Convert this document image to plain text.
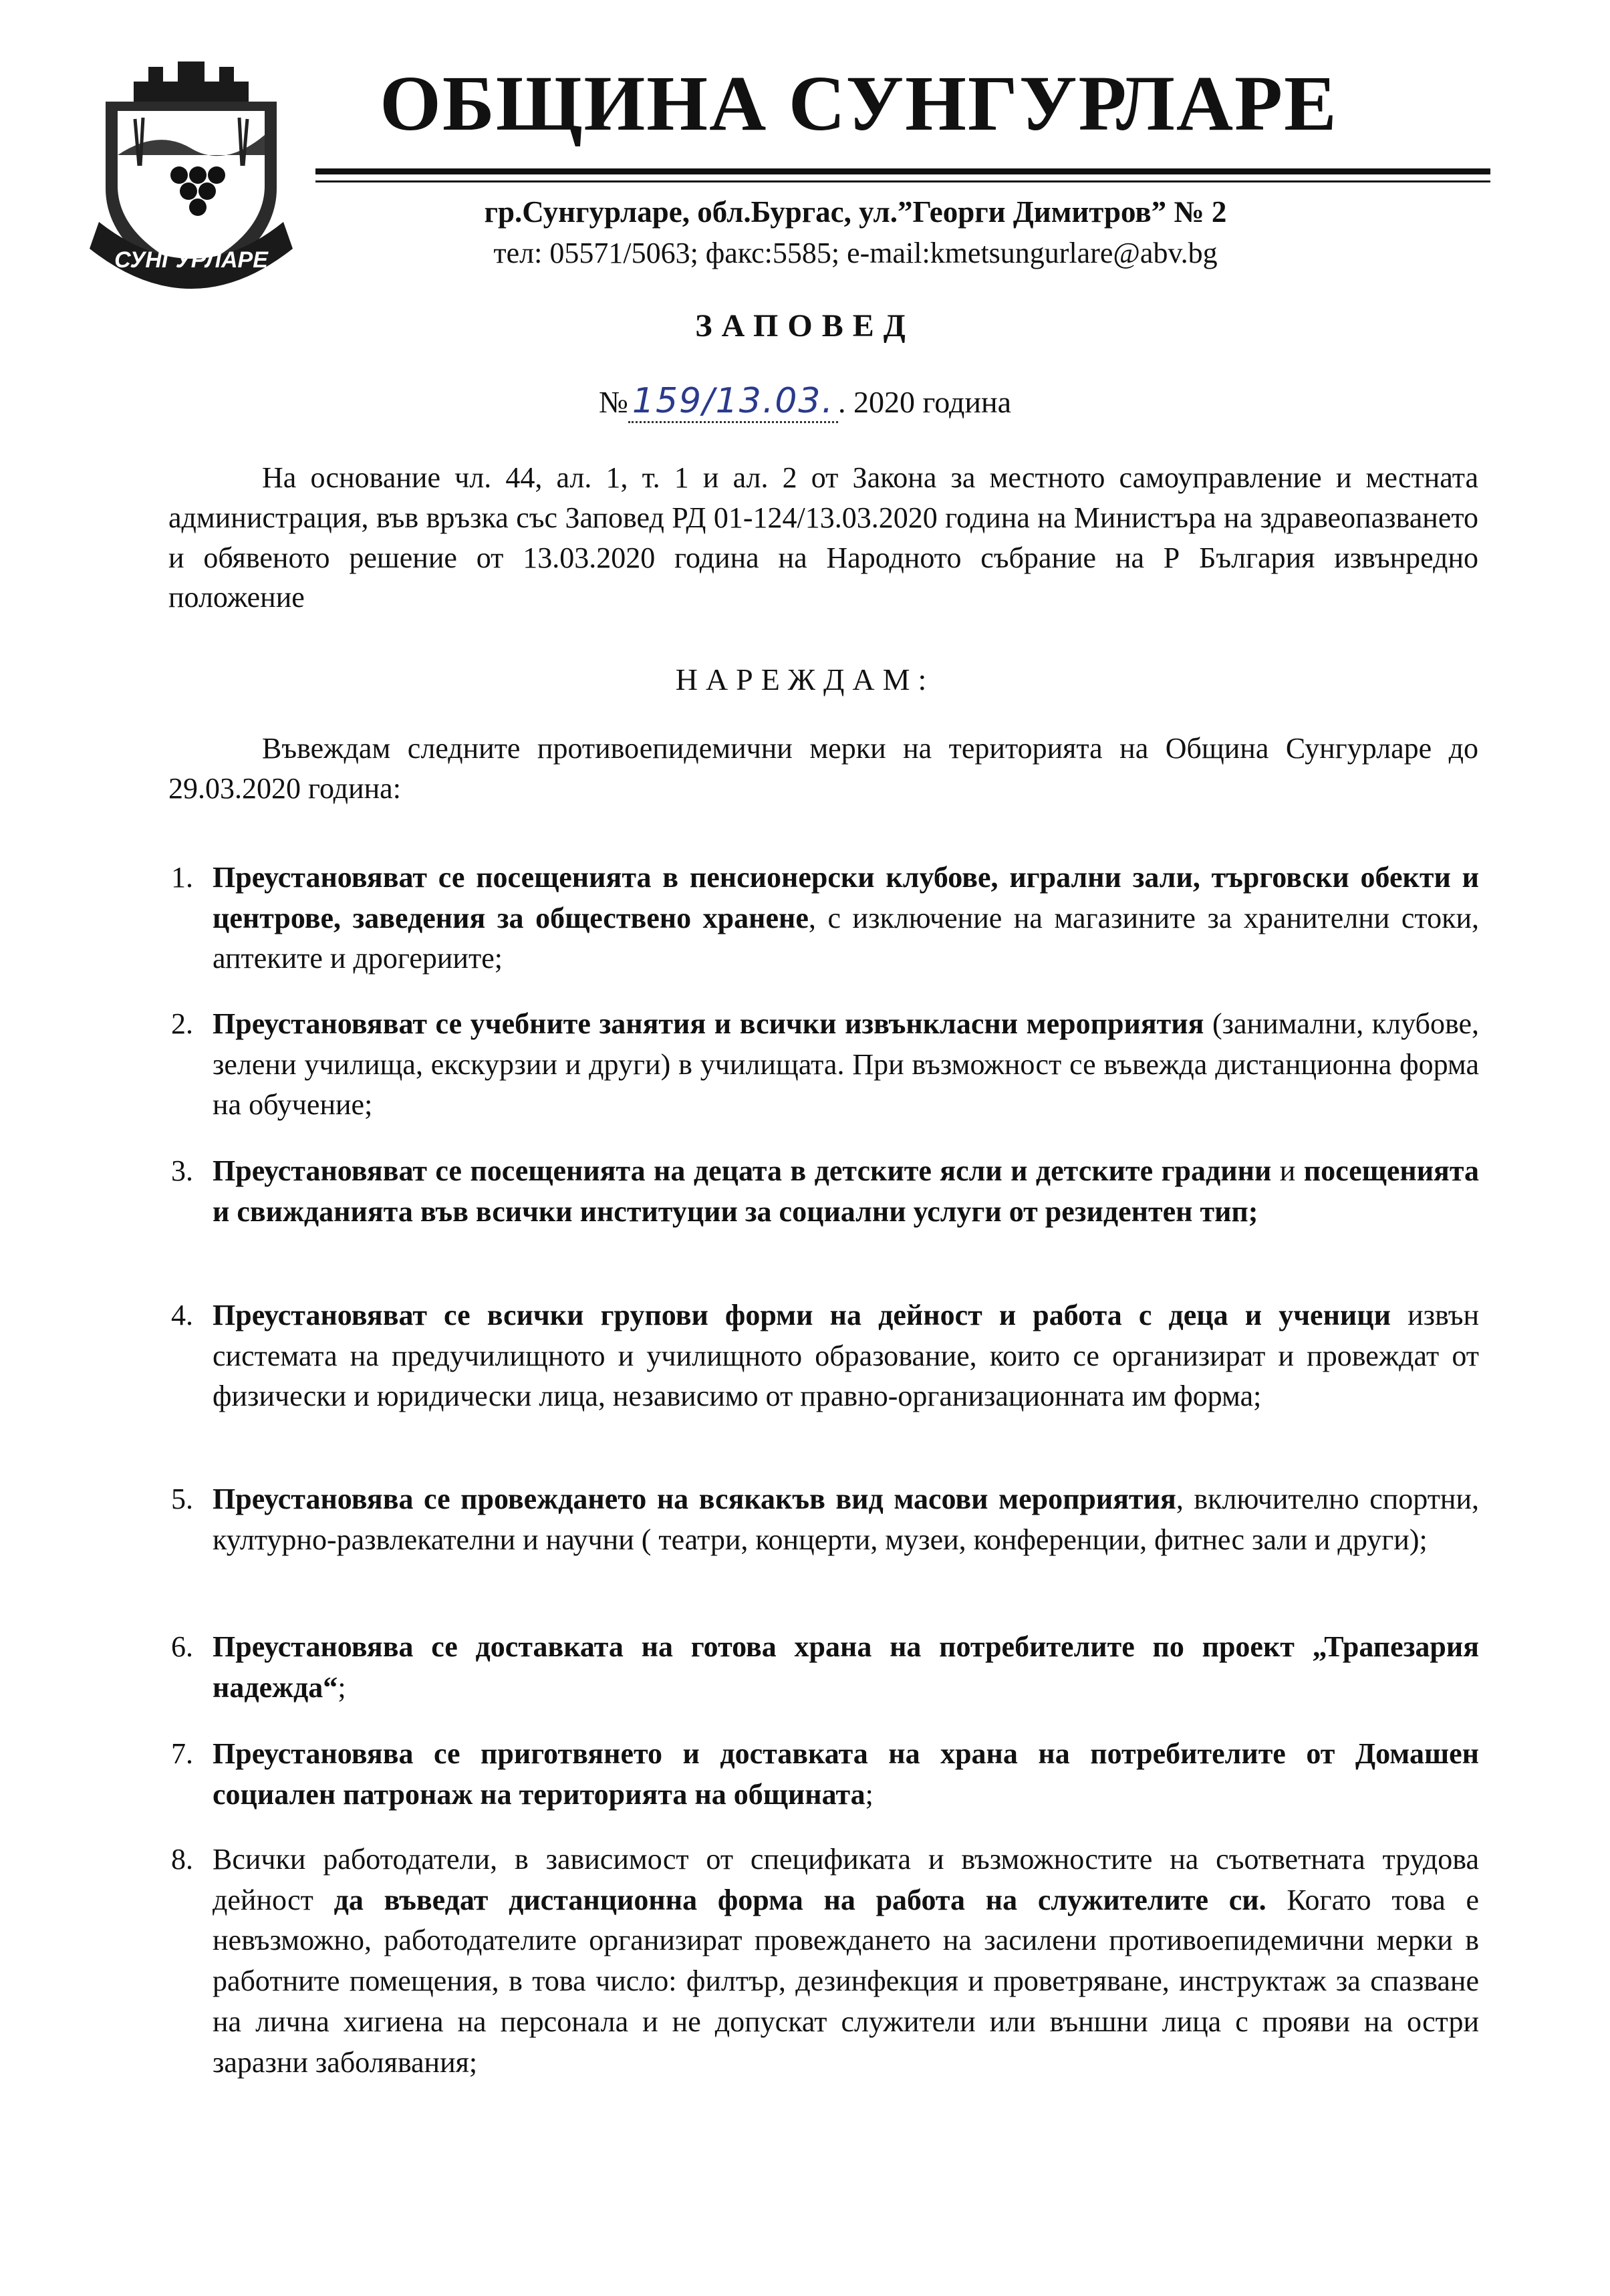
СУНГУРЛАРЕ
ОБЩИНА СУНГУРЛАРЕ
гр.Сунгурларе, обл.Бургас, ул.”Георги Димитров” № 2
тел: 05571/5063; факс:5585; e-mail:kmetsungurlare@abv.bg
ЗАПОВЕД
№ 159/13.03. . 2020 година
На основание чл. 44, ал. 1, т. 1 и ал. 2 от Закона за местното самоуправление и местната администрация, във връзка със Заповед РД 01-124/13.03.2020 година на Министъра на здравеопазването и обявеното решение от 13.03.2020 година на Народното събрание на Р България извънредно положение
НАРЕЖДАМ:
Въвеждам следните противоепидемични мерки на територията на Община Сунгурларе до 29.03.2020 година:
1. Преустановяват се посещенията в пенсионерски клубове, игрални зали, търговски обекти и центрове, заведения за обществено хранене, с изключение на магазините за хранителни стоки, аптеките и дрогериите;
2. Преустановяват се учебните занятия и всички извънкласни мероприятия (занимални, клубове, зелени училища, екскурзии и други) в училищата. При възможност се въвежда дистанционна форма на обучение;
3. Преустановяват се посещенията на децата в детските ясли и детските градини и посещенията и свижданията във всички институции за социални услуги от резидентен тип;
4. Преустановяват се всички групови форми на дейност и работа с деца и ученици извън системата на предучилищното и училищното образование, които се организират и провеждат от физически и юридически лица, независимо от правно-организационната им форма;
5. Преустановява се провеждането на всякакъв вид масови мероприятия, включително спортни, културно-развлекателни и научни ( театри, концерти, музеи, конференции, фитнес зали и други);
6. Преустановява се доставката на готова храна на потребителите по проект „Трапезария надежда“;
7. Преустановява се приготвянето и доставката на храна на потребителите от Домашен социален патронаж на територията на общината;
8. Всички работодатели, в зависимост от спецификата и възможностите на съответната трудова дейност да въведат дистанционна форма на работа на служителите си. Когато това е невъзможно, работодателите организират провеждането на засилени противоепидемични мерки в работните помещения, в това число: филтър, дезинфекция и проветряване, инструктаж за спазване на лична хигиена на персонала и не допускат служители или външни лица с прояви на остри заразни заболявания;
